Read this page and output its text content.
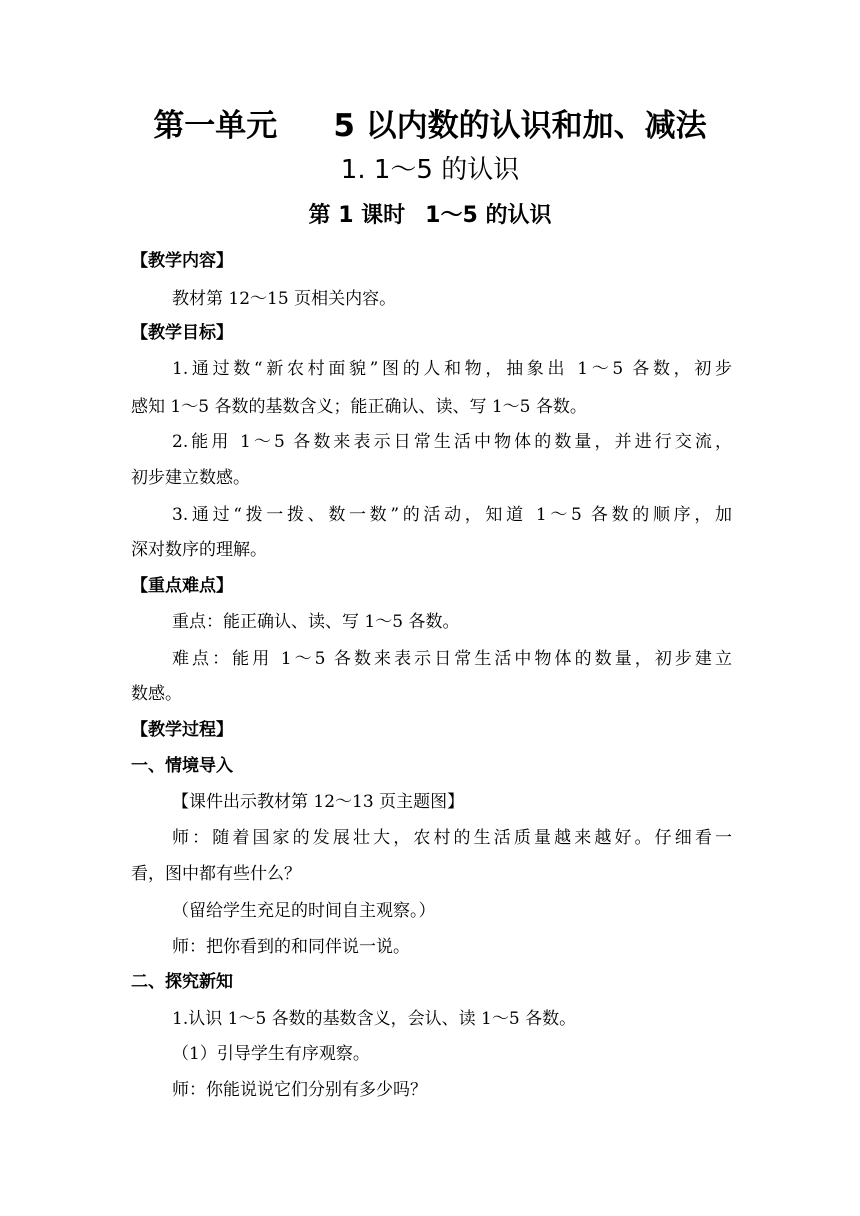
第一单元 5 以内数的认识和加、减法
1. 1～5 的认识
第 1 课时 1～5 的认识
【教学内容】
教材第 12～15 页相关内容。
【教学目标】
1.通过数“新农村面貌”图的人和物，抽象出 1～5 各数，初步
感知 1～5 各数的基数含义；能正确认、读、写 1～5 各数。
2.能用 1～5 各数来表示日常生活中物体的数量，并进行交流，
初步建立数感。
3.通过“拨一拨、数一数”的活动，知道 1～5 各数的顺序，加
深对数序的理解。
【重点难点】
重点：能正确认、读、写 1～5 各数。
难点：能用 1～5 各数来表示日常生活中物体的数量，初步建立
数感。
【教学过程】
一、情境导入
【课件出示教材第 12～13 页主题图】
师：随着国家的发展壮大，农村的生活质量越来越好。仔细看一
看，图中都有些什么？
（留给学生充足的时间自主观察。）
师：把你看到的和同伴说一说。
二、探究新知
1.认识 1～5 各数的基数含义，会认、读 1～5 各数。
（1）引导学生有序观察。
师：你能说说它们分别有多少吗？
